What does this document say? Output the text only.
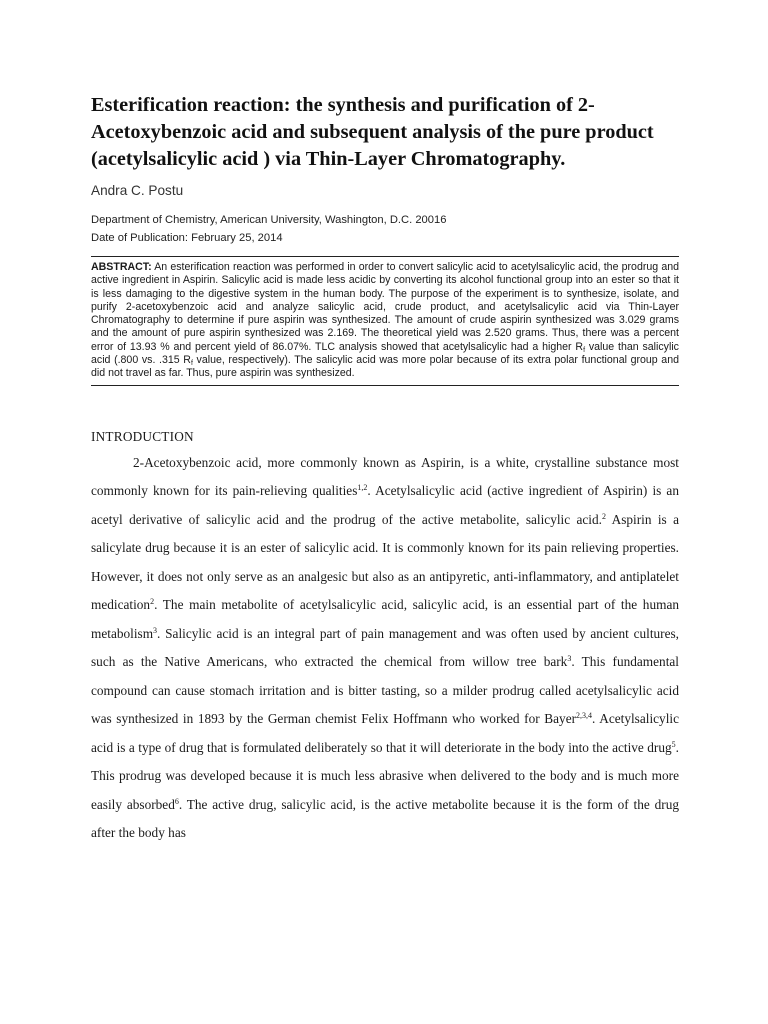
Esterification reaction: the synthesis and purification of 2-Acetoxybenzoic acid and subsequent analysis of the pure product (acetylsalicylic acid ) via Thin-Layer Chromatography.
Andra C. Postu
Department of Chemistry, American University, Washington, D.C. 20016
Date of Publication: February 25, 2014

ABSTRACT: An esterification reaction was performed in order to convert salicylic acid to acetylsalicylic acid, the prodrug and active ingredient in Aspirin. Salicylic acid is made less acidic by converting its alcohol functional group into an ester so that it is less damaging to the digestive system in the human body. The purpose of the experiment is to synthesize, isolate, and purify 2-acetoxybenzoic acid and analyze salicylic acid, crude product, and acetylsalicylic acid via Thin-Layer Chromatography to determine if pure aspirin was synthesized. The amount of crude aspirin synthesized was 3.029 grams and the amount of pure aspirin synthesized was 2.169. The theoretical yield was 2.520 grams. Thus, there was a percent error of 13.93 % and percent yield of 86.07%. TLC analysis showed that acetylsalicylic had a higher $R_f$ value than salicylic acid (.800 vs. .315 $R_f$ value, respectively). The salicylic acid was more polar because of its extra polar functional group and did not travel as far. Thus, pure aspirin was synthesized.

INTRODUCTION

2-Acetoxybenzoic acid, more commonly known as Aspirin, is a white, crystalline substance most commonly known for its pain-relieving qualities$^{1,2}$. Acetylsalicylic acid (active ingredient of Aspirin) is an acetyl derivative of salicylic acid and the prodrug of the active metabolite, salicylic acid.$^2$ Aspirin is a salicylate drug because it is an ester of salicylic acid. It is commonly known for its pain relieving properties. However, it does not only serve as an analgesic but also as an antipyretic, anti-inflammatory, and antiplatelet medication$^2$. The main metabolite of acetylsalicylic acid, salicylic acid, is an essential part of the human metabolism$^3$. Salicylic acid is an integral part of pain management and was often used by ancient cultures, such as the Native Americans, who extracted the chemical from willow tree bark$^3$. This fundamental compound can cause stomach irritation and is bitter tasting, so a milder prodrug called acetylsalicylic acid was synthesized in 1893 by the German chemist Felix Hoffmann who worked for Bayer$^{2,3,4}$. Acetylsalicylic acid is a type of drug that is formulated deliberately so that it will deteriorate in the body into the active drug$^5$. This prodrug was developed because it is much less abrasive when delivered to the body and is much more easily absorbed$^6$. The active drug, salicylic acid, is the active metabolite because it is the form of the drug after the body has
